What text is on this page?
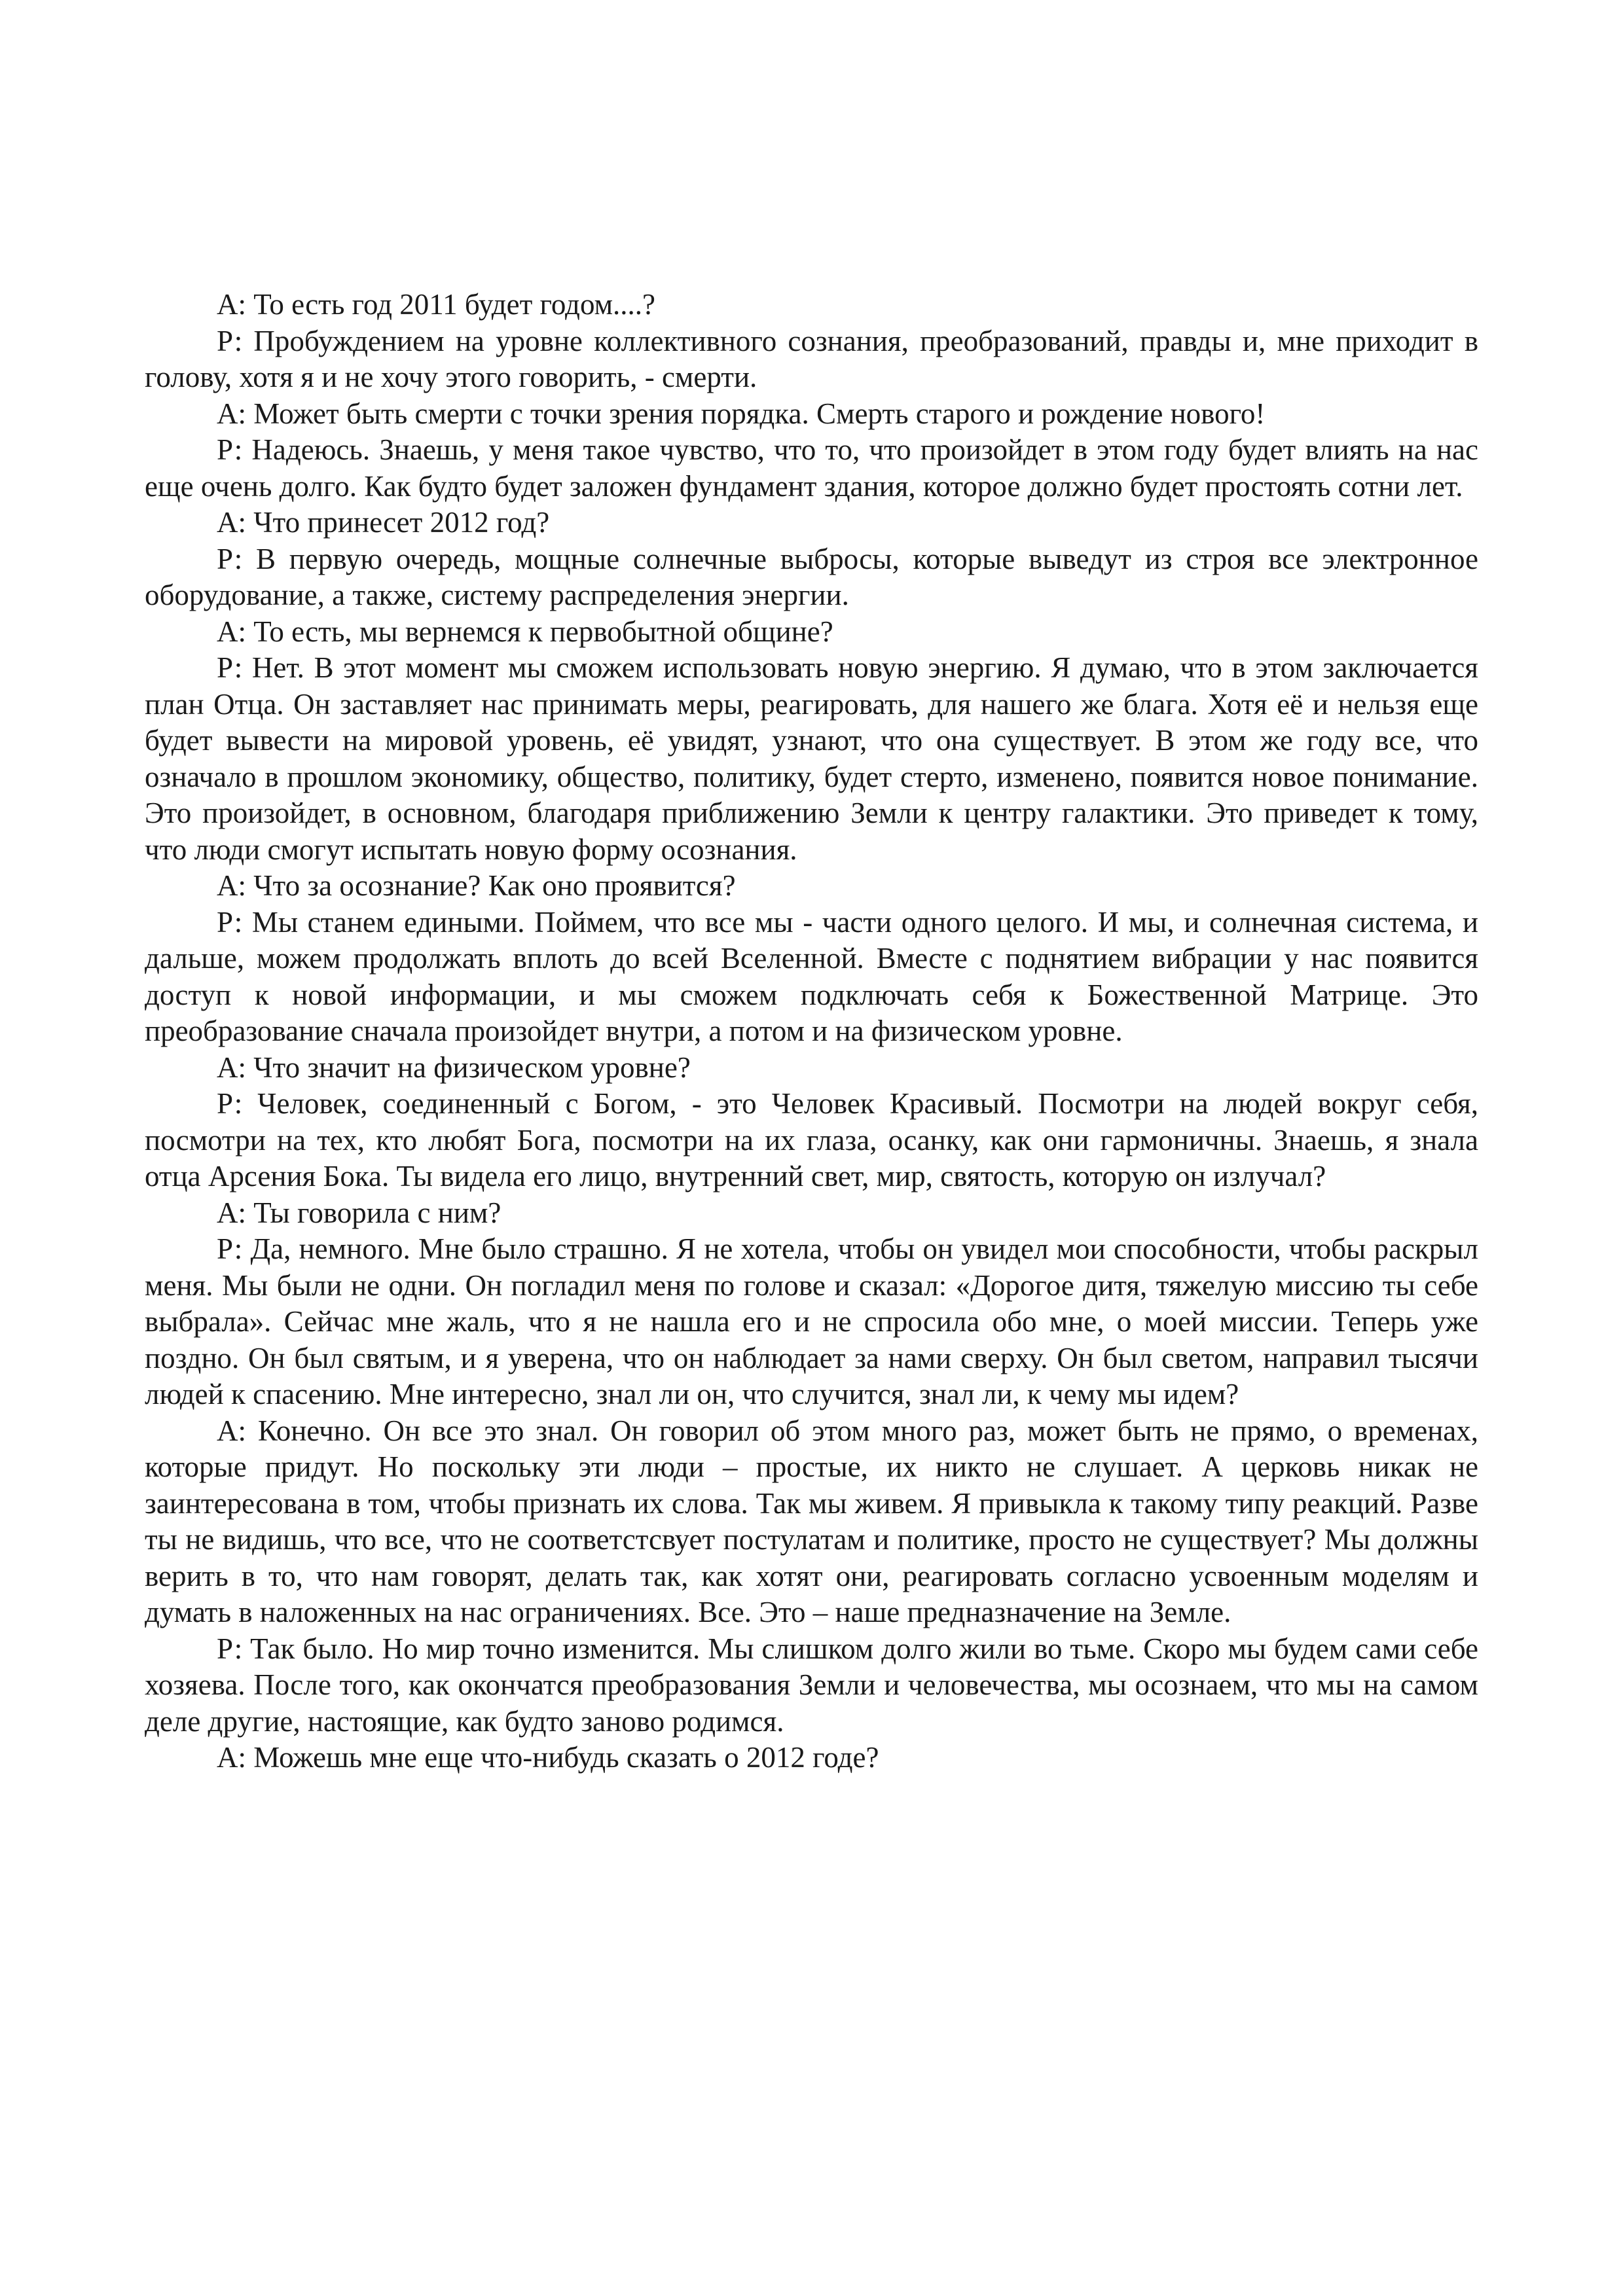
А: То есть год 2011 будет годом....?

Р: Пробуждением на уровне коллективного сознания, преобразований, правды и, мне приходит в голову, хотя я и не хочу этого говорить, - смерти.

А: Может быть смерти с точки зрения порядка. Смерть старого и рождение нового!

Р: Надеюсь. Знаешь, у меня такое чувство, что то, что произойдет в этом году будет влиять на нас еще очень долго. Как будто будет заложен фундамент здания, которое должно будет простоять сотни лет.

А: Что принесет 2012 год?

Р: В первую очередь, мощные солнечные выбросы, которые выведут из строя все электронное оборудование, а также, систему распределения энергии.

А: То есть, мы вернемся к первобытной общине?

Р: Нет. В этот момент мы сможем использовать новую энергию. Я думаю, что в этом заключается план Отца. Он заставляет нас принимать меры, реагировать, для нашего же блага. Хотя её и нельзя еще будет вывести на мировой уровень, её увидят, узнают, что она существует. В этом же году все, что означало в прошлом экономику, общество, политику, будет стерто, изменено, появится новое понимание. Это произойдет, в основном, благодаря приближению Земли к центру галактики. Это приведет к тому, что люди смогут испытать новую форму осознания.

А: Что за осознание? Как оно проявится?

Р: Мы станем едиными. Поймем, что все мы - части одного целого. И мы, и солнечная система, и дальше, можем продолжать вплоть до всей Вселенной. Вместе с поднятием вибрации у нас появится доступ к новой информации, и мы сможем подключать себя к Божественной Матрице. Это преобразование сначала произойдет внутри, а потом и на физическом уровне.

А: Что значит на физическом уровне?

Р: Человек, соединенный с Богом, - это Человек Красивый. Посмотри на людей вокруг себя, посмотри на тех, кто любят Бога, посмотри на их глаза, осанку, как они гармоничны. Знаешь, я знала отца Арсения Бока. Ты видела его лицо, внутренний свет, мир, святость, которую он излучал?

А: Ты говорила с ним?

Р: Да, немного. Мне было страшно. Я не хотела, чтобы он увидел мои способности, чтобы раскрыл меня. Мы были не одни. Он погладил меня по голове и сказал: «Дорогое дитя, тяжелую миссию ты себе выбрала». Сейчас мне жаль, что я не нашла его и не спросила обо мне, о моей миссии. Теперь уже поздно. Он был святым, и я уверена, что он наблюдает за нами сверху. Он был светом, направил тысячи людей к спасению. Мне интересно, знал ли он, что случится, знал ли, к чему мы идем?

А: Конечно. Он все это знал. Он говорил об этом много раз, может быть не прямо, о временах, которые придут. Но поскольку эти люди – простые, их никто не слушает. А церковь никак не заинтересована в том, чтобы признать их слова. Так мы живем. Я привыкла к такому типу реакций. Разве ты не видишь, что все, что не соответстсвует постулатам и политике, просто не существует? Мы должны верить в то, что нам говорят, делать так, как хотят они, реагировать согласно усвоенным моделям и думать в наложенных на нас ограничениях. Все. Это – наше предназначение на Земле.

Р: Так было. Но мир точно изменится. Мы слишком долго жили во тьме. Скоро мы будем сами себе хозяева. После того, как окончатся преобразования Земли и человечества, мы осознаем, что мы на самом деле другие, настоящие, как будто заново родимся.

А: Можешь мне еще что-нибудь сказать о 2012 годе?
